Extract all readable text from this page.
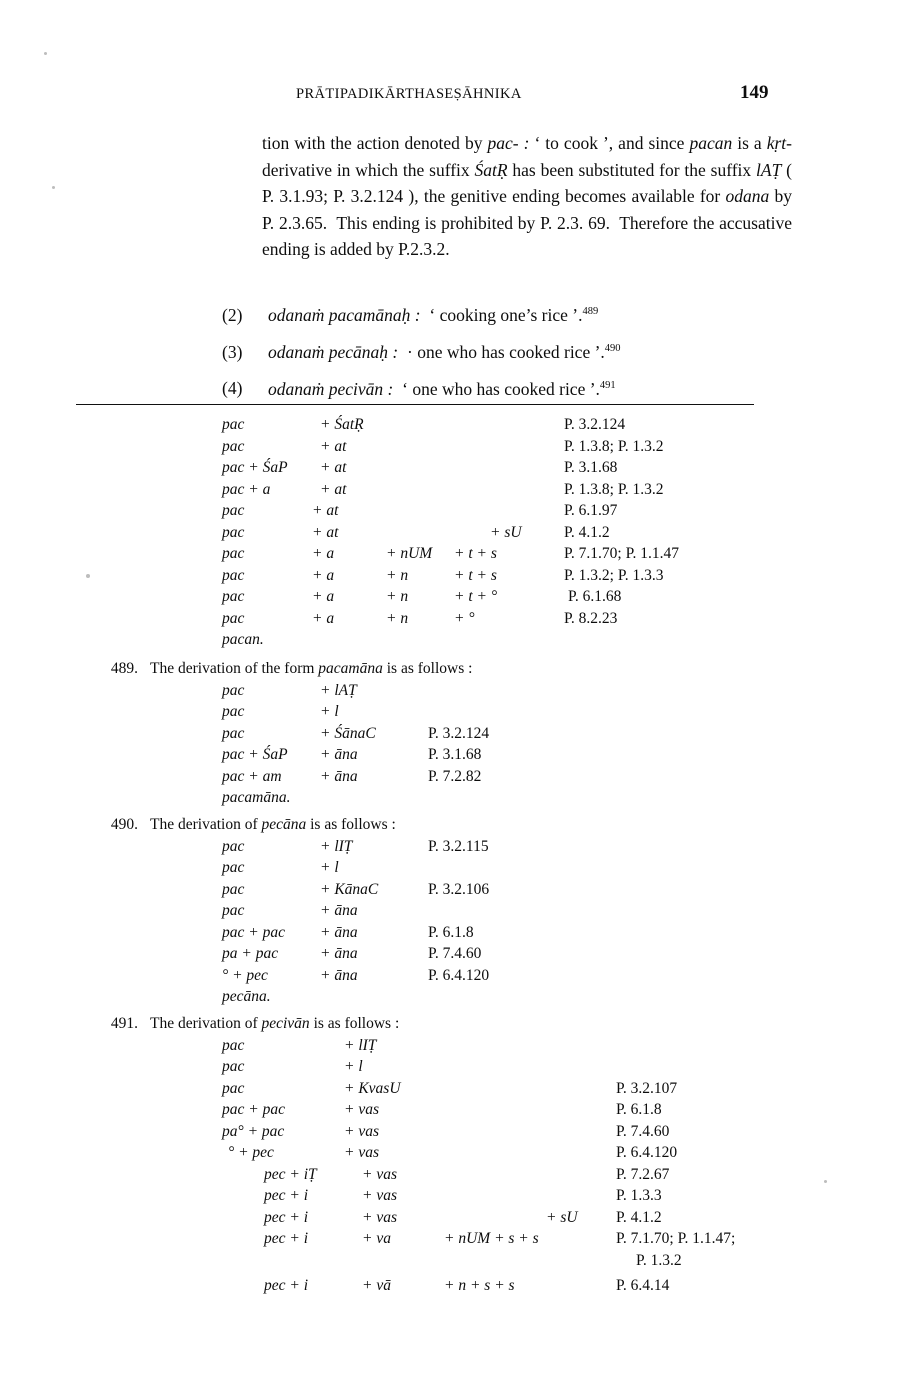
PRĀTIPADIKĀRTHASEṢĀHNIKA	149

tion with the action denoted by pac- : ‘ to cook ’, and since pacan is a kṛt-derivative in which the suffix ŚatṚ has been substituted for the suffix lAṬ ( P. 3.1.93; P. 3.2.124 ), the genitive ending becomes available for odana by P. 2.3.65.  This ending is prohibited by P. 2.3. 69.  Therefore the accusative ending is added by P.2.3.2.

(2) odanaṁ pacamānaḥ : ‘ cooking one’s rice ’.$^{489}$
(3) odanaṁ pecānaḥ : · one who has cooked rice ’.$^{490}$
(4) odanaṁ pecivān : ‘ one who has cooked rice ’.$^{491}$
pac	+ ŚatṚ	P. 3.2.124
pac	+ at	P. 1.3.8; P. 1.3.2
pac + ŚaP + at	P. 3.1.68
pac + a	+ at	P. 1.3.8; P. 1.3.2
pac	+ at	P. 6.1.97
pac	+ at	+ sU	P. 4.1.2
pac	+ a	+ nUM + t + s	P. 7.1.70; P. 1.1.47
pac	+ a	+ n	+ t + s	P. 1.3.2; P. 1.3.3
pac	+ a	+ n	+ t + °	P. 6.1.68
pac	+ a	+ n	+ °	P. 8.2.23
pacan.
489. The derivation of the form pacamāna is as follows :
pac	+ lAṬ
pac	+ l
pac	+ ŚānaC	P. 3.2.124
pac + ŚaP + āna	P. 3.1.68
pac + am + āna	P. 7.2.82
pacamāna.
490. The derivation of pecāna is as follows :
pac	+ lIṬ	P. 3.2.115
pac	+ l
pac	+ KānaC	P. 3.2.106
pac	+ āna
pac + pac + āna	P. 6.1.8
pa + pac	+ āna	P. 7.4.60
° + pec	+ āna	P. 6.4.120
pecāna.
491. The derivation of pecivān is as follows :
pac	+ lIṬ
pac	+ l
pac	+ KvasU	P. 3.2.107
pac + pac	+ vas	P. 6.1.8
pa° + pac	+ vas	P. 7.4.60
° + pec	+ vas	P. 6.4.120
pec + iṬ	+ vas	P. 7.2.67
pec + i	+ vas	P. 1.3.3
pec + i	+ vas	+ sU P. 4.1.2
pec + i	+ va	+ nUM + s + s	P. 7.1.70; P. 1.1.47;
P. 1.3.2
pec + i	+ vā	+ n + s + s	P. 6.4.14
